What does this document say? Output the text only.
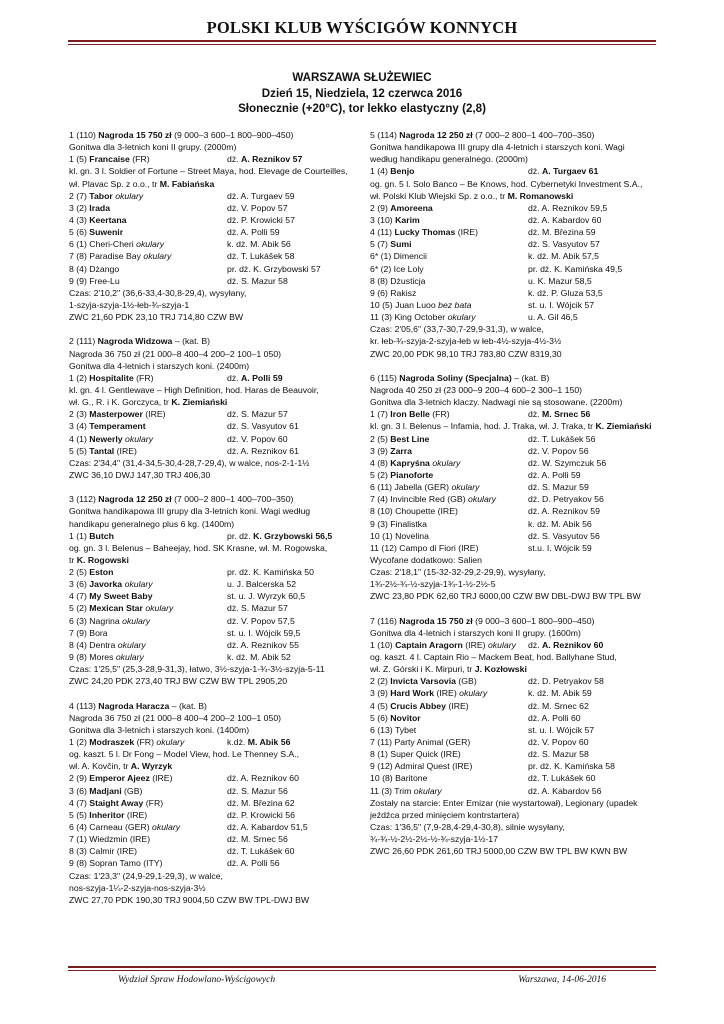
POLSKI KLUB WYŚCIGÓW KONNYCH
WARSZAWA SŁUŻEWIEC
Dzień 15, Niedziela, 12 czerwca 2016
Słonecznie (+20°C), tor lekko elastyczny (2,8)
1 (110) Nagroda 15 750 zł (9 000–3 600–1 800–900–450)
Gonitwa dla 3-letnich koni II grupy. (2000m)
1 (5) Francaise (FR)	dż. A. Reznikov 57
kl. gn. 3 l. Soldier of Fortune – Street Maya, hod. Elevage de Courteilles,
wł. Plavac Sp. z o.o., tr M. Fabiańska
2 (7) Tabor okulary	dż. A. Turgaev 59
3 (2) Irada	dż. V. Popov 57
4 (3) Keertana	dż. P. Krowicki 57
5 (6) Suwenir	dż. A. Polli 59
6 (1) Cheri-Cheri okulary	k. dż. M. Abik 56
7 (8) Paradise Bay okulary	dż. T. Lukášek 58
8 (4) Dżango	pr. dż. K. Grzybowski 57
9 (9) Free-Lu	dż. S. Mazur 58
Czas: 2'10,2" (36,6-33,4-30,8-29,4), wysyłany,
1-szyja-szyja-1½-łeb-¾-szyja-1
ZWC 21,60 PDK 23,10 TRJ 714,80 CZW BW
2 (111) Nagroda Widzowa – (kat. B)
Nagroda 36 750 zł (21 000–8 400–4 200–2 100–1 050)
Gonitwa dla 4-letnich i starszych koni. (2400m)
1 (2) Hospitalite (FR)	dż. A. Polli 59
kl. gn. 4 l. Gentlewave – High Definition, hod. Haras de Beauvoir,
wł. G., R. i K. Gorczyca, tr K. Ziemiański
2 (3) Masterpower (IRE)	dż. S. Mazur 57
3 (4) Temperament	dż. S. Vasyutov 61
4 (1) Newerly okulary	dż. V. Popov 60
5 (5) Tantal (IRE)	dż. A. Reznikov 61
Czas: 2'34,4" (31,4-34,5-30,4-28,7-29,4), w walce, nos-2-1-1½
ZWC 36,10 DWJ 147,30 TRJ 406,30
3 (112) Nagroda 12 250 zł (7 000–2 800–1 400–700–350)
Gonitwa handikapowa III grupy dla 3-letnich koni. Wagi według
handikapu generalnego plus 6 kg. (1400m)
1 (1) Butch	pr. dż. K. Grzybowski 56,5
og. gn. 3 l. Belenus – Baheejay, hod. SK Krasne, wł. M. Rogowska,
tr K. Rogowski
2 (5) Eston	pr. dż. K. Kamińska 50
3 (6) Javorka okulary	u. J. Balcerska 52
4 (7) My Sweet Baby	st. u. J. Wyrzyk 60,5
5 (2) Mexican Star okulary	dż. S. Mazur 57
6 (3) Nagrina okulary	dż. V. Popov 57,5
7 (9) Bora	st. u. I. Wójcik 59,5
8 (4) Dentra okulary	dż. A. Reznikov 55
9 (8) Mores okulary	k. dż. M. Abik 52
Czas: 1'25,5" (25,3-28,9-31,3), łatwo, 3½-szyja-1-¾-3½-szyja-5-11
ZWC 24,20 PDK 273,40 TRJ BW CZW BW TPL 2905,20
4 (113) Nagroda Haracza – (kat. B)
Nagroda 36 750 zł (21 000–8 400–4 200–2 100–1 050)
Gonitwa dla 3-letnich i starszych koni. (1400m)
1 (2) Modraszek (FR) okulary	k.dż. M. Abik 56
og. kaszt. 5 l. Dr Fong – Model View, hod. Le Thenney S.A.,
wł. A. Kovčin, tr A. Wyrzyk
2 (9) Emperor Ajeez (IRE)	dż. A. Reznikov 60
3 (6) Madjani (GB)	dż. S. Mazur 56
4 (7) Staight Away (FR)	dż. M. Březina 62
5 (5) Inheritor (IRE)	dż. P. Krowicki 56
6 (4) Carneau (GER) okulary	dż. A. Kabardov 51,5
7 (1) Wiedzmin (IRE)	dż. M. Srnec 56
8 (3) Calmir (IRE)	dż. T. Lukášek 60
9 (8) Sopran Tamo (ITY)	dż. A. Polli 56
Czas: 1'23,3" (24,9-29,1-29,3), w walce,
nos-szyja-1¼-2-szyja-nos-szyja-3½
ZWC 27,70 PDK 190,30 TRJ 9004,50 CZW BW TPL-DWJ BW
5 (114) Nagroda 12 250 zł (7 000–2 800–1 400–700–350)
Gonitwa handikapowa III grupy dla 4-letnich i starszych koni. Wagi
według handikapu generalnego. (2000m)
1 (4) Benjo	dż. A. Turgaev 61
og. gn. 5 l. Solo Banco – Be Knows, hod. Cybernetyki Investment S.A.,
wł. Polski Klub Wiejski Sp. z o.o., tr M. Romanowski
2 (9) Amoreena	dż. A. Reznikov 59,5
3 (10) Karim	dż. A. Kabardov 60
4 (11) Lucky Thomas (IRE)	dż. M. Březina 59
5 (7) Sumi	dż. S. Vasyutov 57
6* (1) Dimencii	k. dż. M. Abik 57,5
6* (2) Ice Loly	pr. dż. K. Kamińska 49,5
8 (8) Dżusticja	u. K. Mazur 58,5
9 (6) Rakisz	k. dż. P. Gluza 53,5
10 (5) Juan Luoo bez bata	st. u. I. Wójcik 57
11 (3) King October okulary	u. A. Gil 46,5
Czas: 2'05,6" (33,7-30,7-29,9-31,3), w walce,
kr. łeb-¾-szyja-2-szyja-łeb w łeb-4½-szyja-4½-3½
ZWC 20,00 PDK 98,10 TRJ 783,80 CZW 8319,30
6 (115) Nagroda Soliny (Specjalna) – (kat. B)
Nagroda 40 250 zł (23 000–9 200–4 600–2 300–1 150)
Gonitwa dla 3-letnich klaczy. Nadwagi nie są stosowane. (2200m)
1 (7) Iron Belle (FR)	dż. M. Srnec 56
kl. gn. 3 l. Belenus – Infamia, hod. J. Traka, wł. J. Traka, tr K. Ziemiański
2 (5) Best Line	dż. T. Lukášek 56
3 (9) Zarra	dż. V. Popov 56
4 (8) Kapryśna okulary	dż. W. Szymczuk 56
5 (2) Pianoforte	dż. A. Polli 59
6 (11) Jabella (GER) okulary	dż. S. Mazur 59
7 (4) Invincible Red (GB) okulary	dż. D. Petryakov 56
8 (10) Choupette (IRE)	dż. A. Reznikov 59
9 (3) Finalistka	k. dż. M. Abik 56
10 (1) Novelina	dż. S. Vasyutov 56
11 (12) Campo di Fiori (IRE)	st.u. I. Wójcik 59
Wycofane dodatkowo: Salien
Czas: 2'18,1" (15-32-32-29,2-29,9), wysyłany,
1¾-2½-¾-½-szyja-1¾-1-½-2½-5
ZWC 23,80 PDK 62,60 TRJ 6000,00 CZW BW DBL-DWJ BW TPL BW
7 (116) Nagroda 15 750 zł (9 000–3 600–1 800–900–450)
Gonitwa dla 4-letnich i starszych koni II grupy. (1600m)
1 (10) Captain Aragorn (IRE) okulary dż. A. Reznikov 60
og. kaszt. 4 l. Captain Rio – Mackem Beat, hod. Ballyhane Stud,
wł. Z. Górski i K. Mirpuri, tr J. Kozłowski
2 (2) Invicta Varsovia (GB)	dż. D. Petryakov 58
3 (9) Hard Work (IRE) okulary	k. dż. M. Abik 59
4 (5) Crucis Abbey (IRE)	dż. M. Srnec 62
5 (6) Novitor	dż. A. Polli 60
6 (13) Tybet	st. u. I. Wójcik 57
7 (11) Party Animal (GER)	dż. V. Popov 60
8 (1) Super Quick (IRE)	dż. S. Mazur 58
9 (12) Admiral Quest (IRE)	pr. dż. K. Kamińska 58
10 (8) Baritone	dż. T. Lukášek 60
11 (3) Trim okulary	dż. A. Kabardov 56
Zostały na starcie: Enter Emizar (nie wystartował), Legionary (upadek
jeźdźca przed minięciem kontrstartera)
Czas: 1'36,5" (7,9-28,4-29,4-30,8), silnie wysyłany,
¾-¾-½-2½-2½-½-¾-szyja-1½-17
ZWC 26,60 PDK 261,60 TRJ 5000,00 CZW BW TPL BW KWN BW
Wydział Spraw Hodowlano-Wyścigowych	Warszawa, 14-06-2016
